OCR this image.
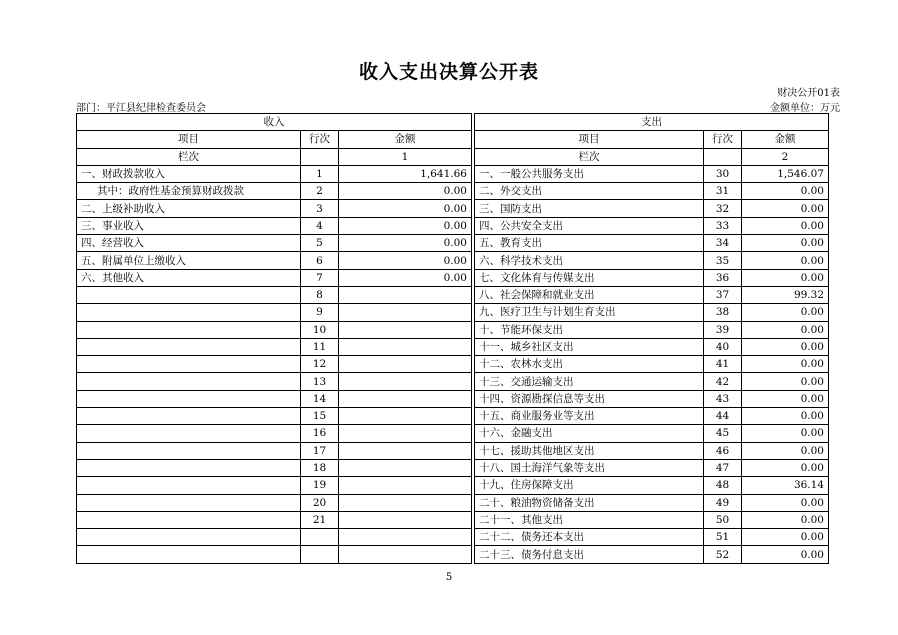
收入支出决算公开表
财决公开01表
部门：平江县纪律检查委员会	金额单位：万元
收入				支出		
项目	行次	金额		项目	行次	金额
栏次		1		栏次		2
一、财政拨款收入	1	1,641.66		一、一般公共服务支出	30	1,546.07
其中：政府性基金预算财政拨款	2	0.00		二、外交支出	31	0.00
二、上级补助收入	3	0.00		三、国防支出	32	0.00
三、事业收入	4	0.00		四、公共安全支出	33	0.00
四、经营收入	5	0.00		五、教育支出	34	0.00
五、附属单位上缴收入	6	0.00		六、科学技术支出	35	0.00
六、其他收入	7	0.00		七、文化体育与传媒支出	36	0.00
	8			八、社会保障和就业支出	37	99.32
	9			九、医疗卫生与计划生育支出	38	0.00
	10			十、节能环保支出	39	0.00
	11			十一、城乡社区支出	40	0.00
	12			十二、农林水支出	41	0.00
	13			十三、交通运输支出	42	0.00
	14			十四、资源勘探信息等支出	43	0.00
	15			十五、商业服务业等支出	44	0.00
	16			十六、金融支出	45	0.00
	17			十七、援助其他地区支出	46	0.00
	18			十八、国土海洋气象等支出	47	0.00
	19			十九、住房保障支出	48	36.14
	20			二十、粮油物资储备支出	49	0.00
	21			二十一、其他支出	50	0.00
				二十二、债务还本支出	51	0.00
				二十三、债务付息支出	52	0.00
5
